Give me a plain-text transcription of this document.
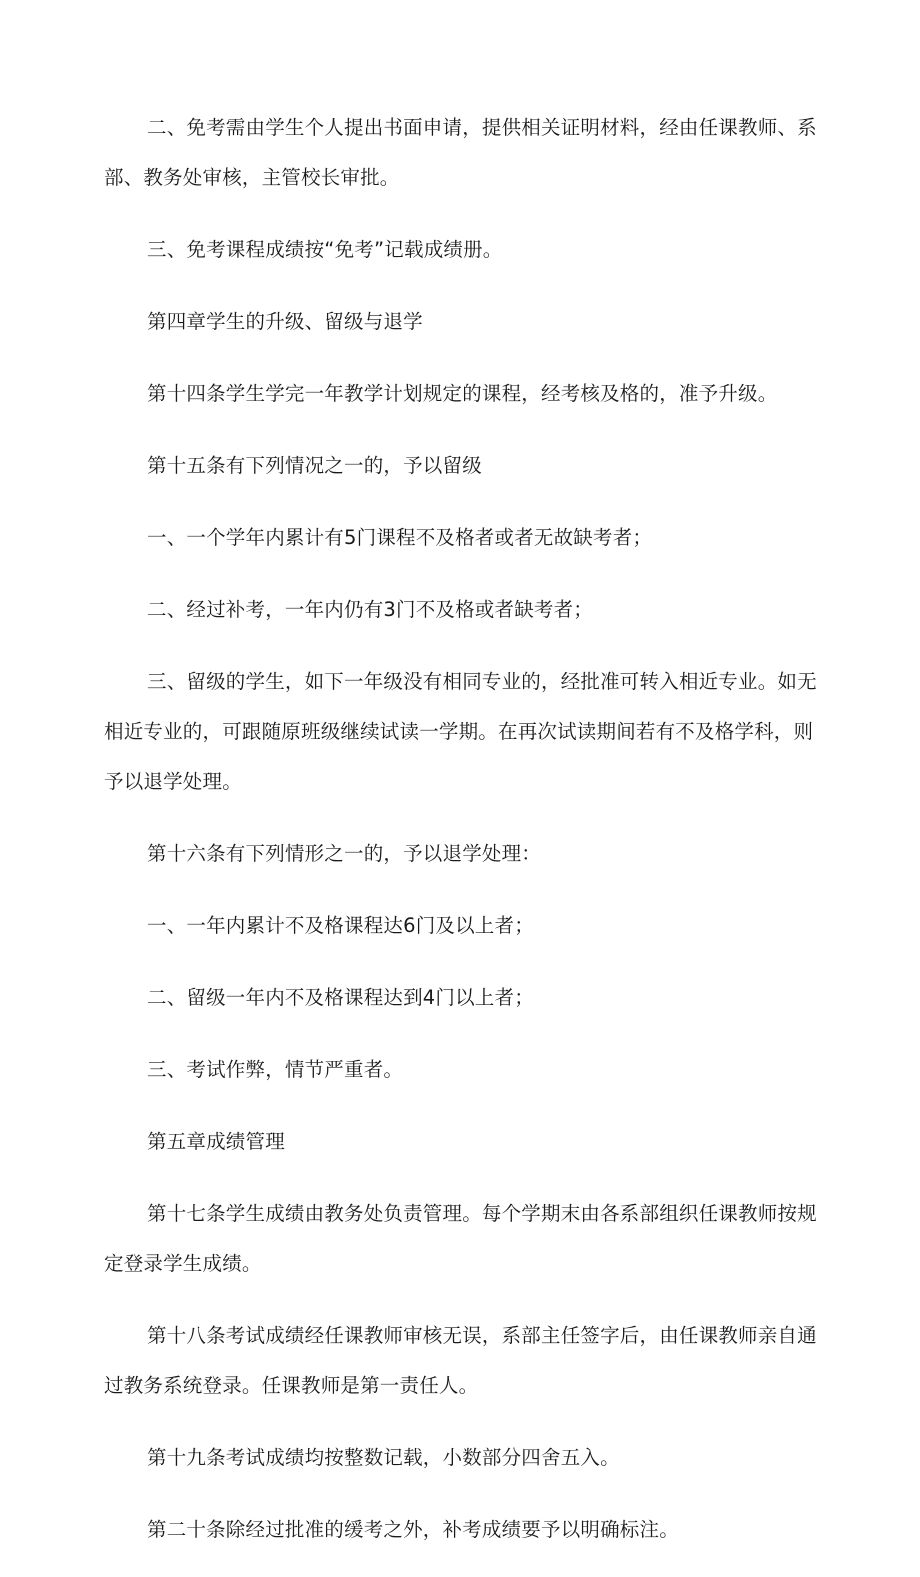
二、免考需由学生个人提出书面申请，提供相关证明材料，经由任课教师、系部、教务处审核，主管校长审批。

三、免考课程成绩按“免考”记载成绩册。

第四章学生的升级、留级与退学

第十四条学生学完一年教学计划规定的课程，经考核及格的，准予升级。

第十五条有下列情况之一的，予以留级

一、一个学年内累计有5门课程不及格者或者无故缺考者；

二、经过补考，一年内仍有3门不及格或者缺考者；

三、留级的学生，如下一年级没有相同专业的，经批准可转入相近专业。如无相近专业的，可跟随原班级继续试读一学期。在再次试读期间若有不及格学科，则予以退学处理。

第十六条有下列情形之一的，予以退学处理：

一、一年内累计不及格课程达6门及以上者；

二、留级一年内不及格课程达到4门以上者；

三、考试作弊，情节严重者。

第五章成绩管理

第十七条学生成绩由教务处负责管理。每个学期末由各系部组织任课教师按规定登录学生成绩。

第十八条考试成绩经任课教师审核无误，系部主任签字后，由任课教师亲自通过教务系统登录。任课教师是第一责任人。

第十九条考试成绩均按整数记载，小数部分四舍五入。

第二十条除经过批准的缓考之外，补考成绩要予以明确标注。
